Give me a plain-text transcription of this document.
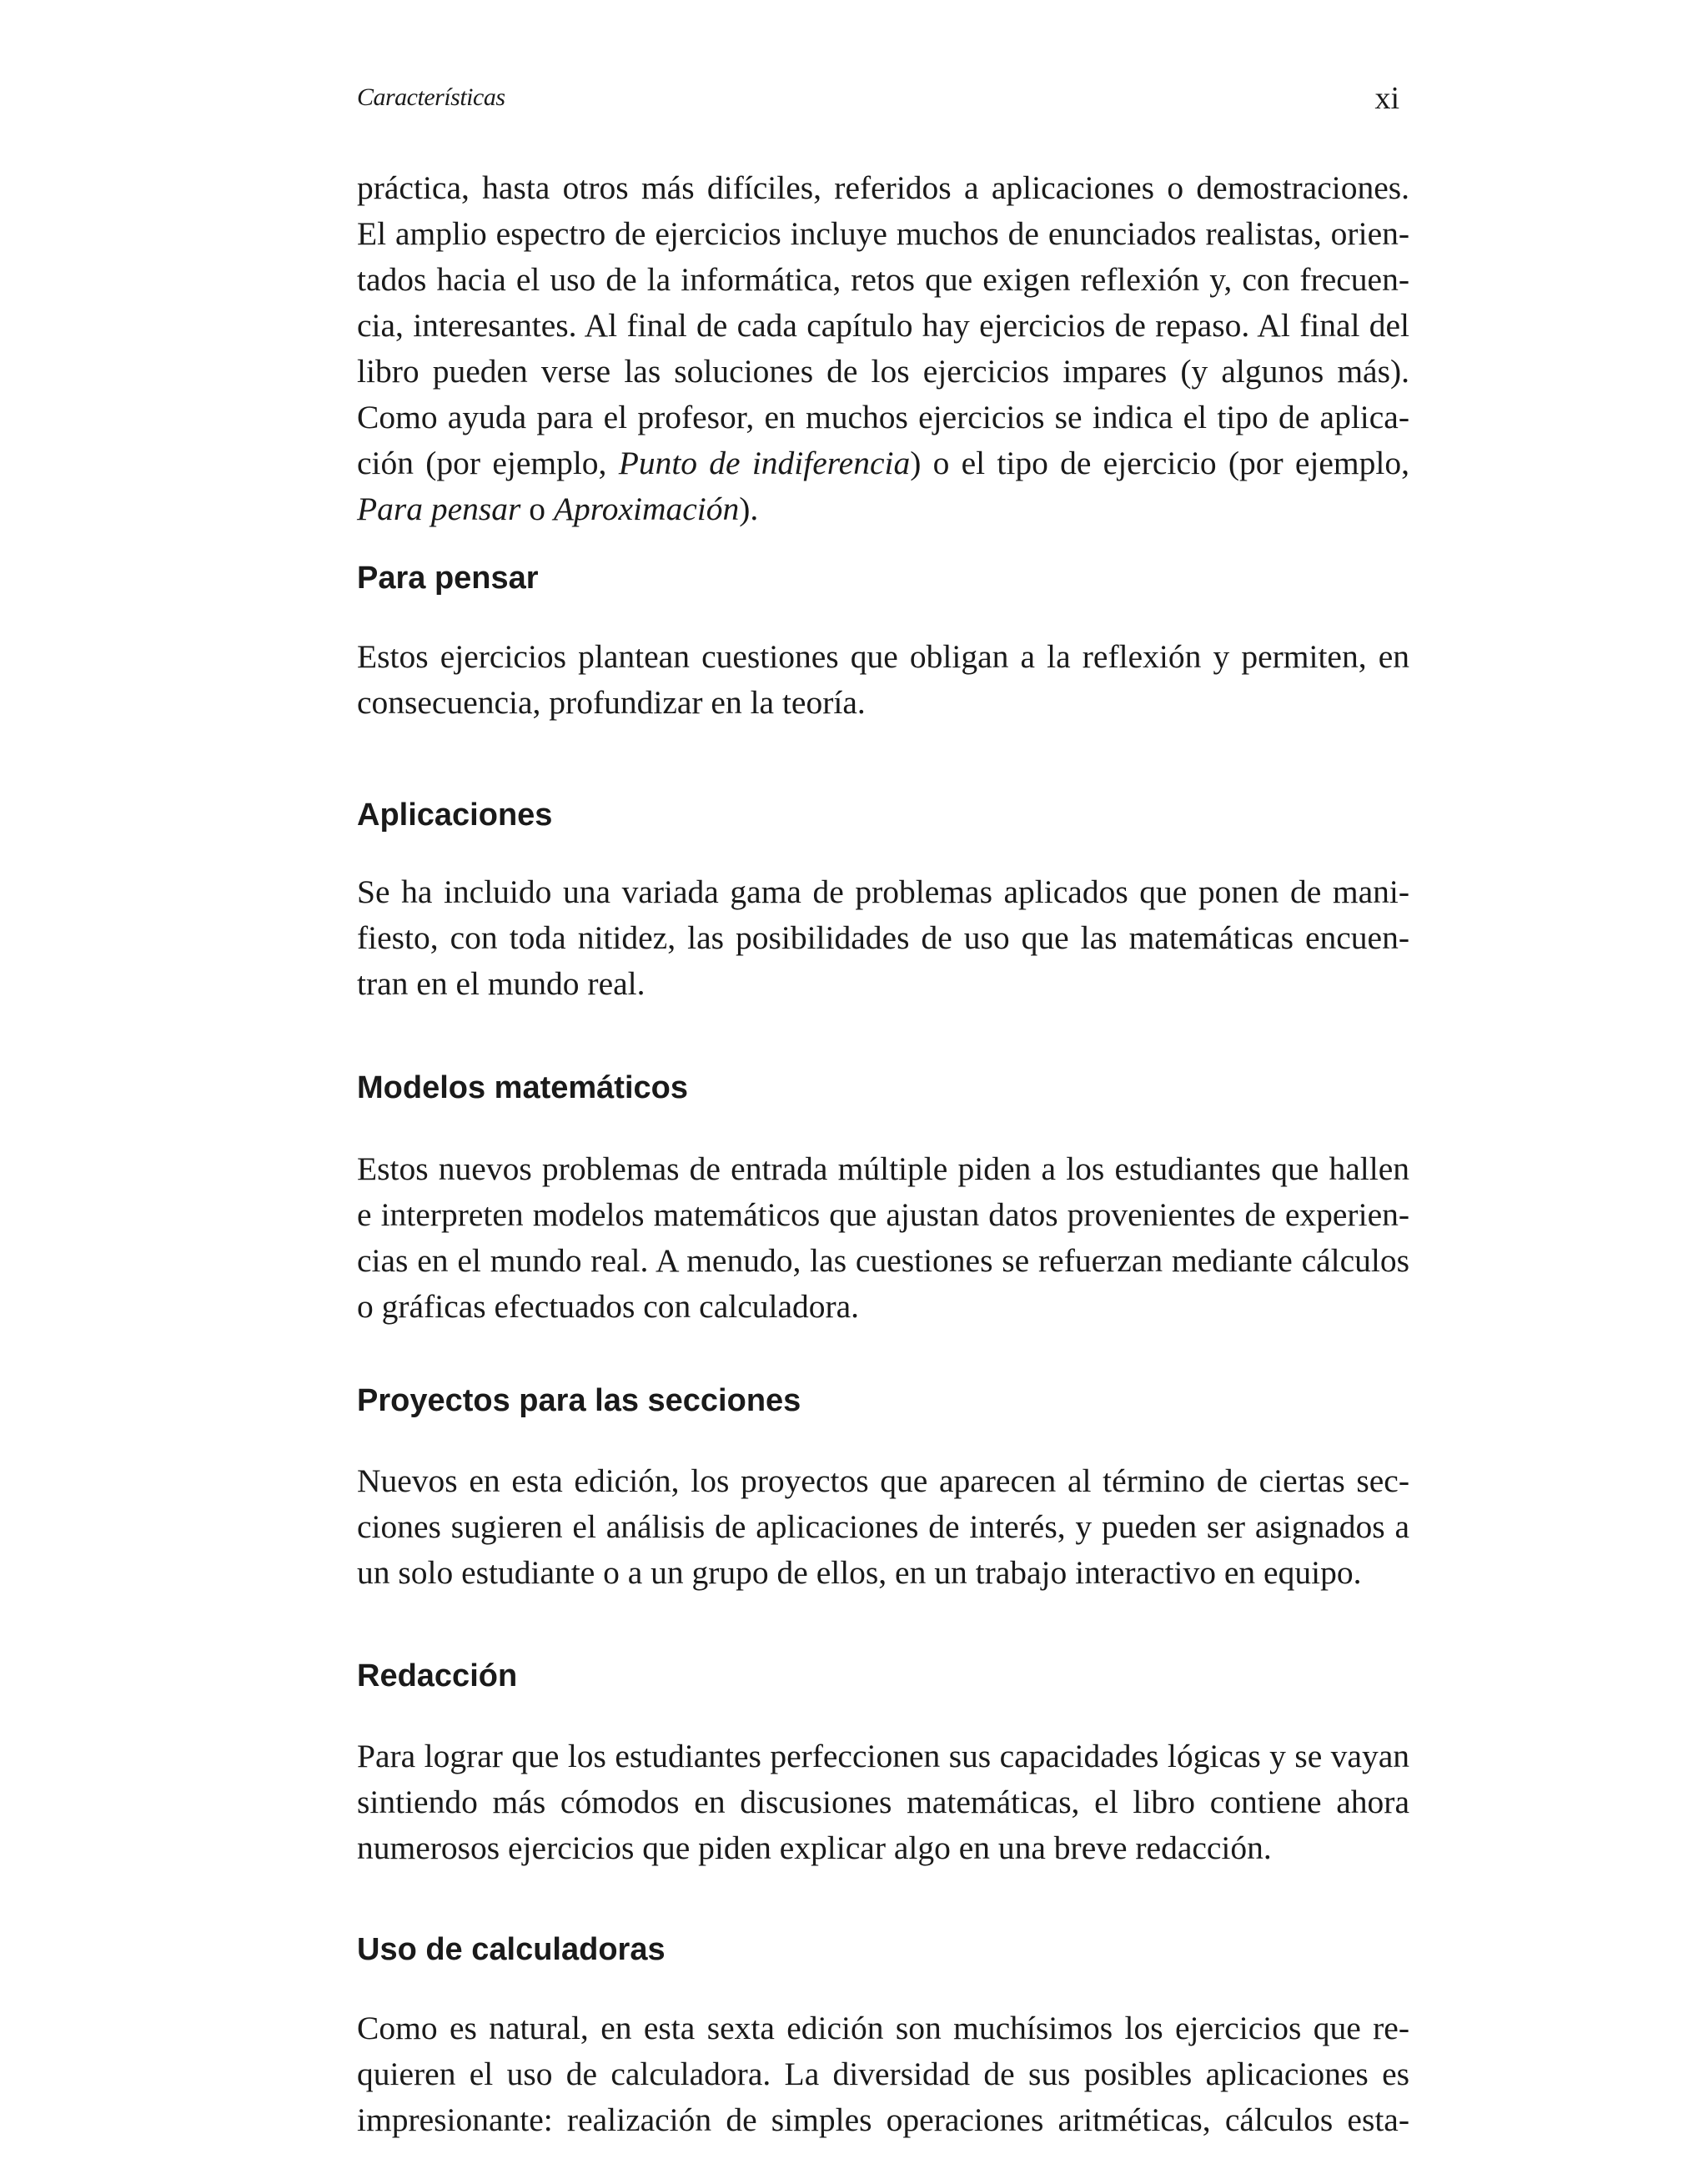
Características	xi

práctica, hasta otros más difíciles, referidos a aplicaciones o demostraciones.
El amplio espectro de ejercicios incluye muchos de enunciados realistas, orien-
tados hacia el uso de la informática, retos que exigen reflexión y, con frecuen-
cia, interesantes. Al final de cada capítulo hay ejercicios de repaso. Al final del
libro pueden verse las soluciones de los ejercicios impares (y algunos más).
Como ayuda para el profesor, en muchos ejercicios se indica el tipo de aplica-
ción (por ejemplo, Punto de indiferencia) o el tipo de ejercicio (por ejemplo,
Para pensar o Aproximación).

Para pensar

Estos ejercicios plantean cuestiones que obligan a la reflexión y permiten, en
consecuencia, profundizar en la teoría.

Aplicaciones

Se ha incluido una variada gama de problemas aplicados que ponen de mani-
fiesto, con toda nitidez, las posibilidades de uso que las matemáticas encuen-
tran en el mundo real.

Modelos matemáticos

Estos nuevos problemas de entrada múltiple piden a los estudiantes que hallen
e interpreten modelos matemáticos que ajustan datos provenientes de experien-
cias en el mundo real. A menudo, las cuestiones se refuerzan mediante cálculos
o gráficas efectuados con calculadora.

Proyectos para las secciones

Nuevos en esta edición, los proyectos que aparecen al término de ciertas sec-
ciones sugieren el análisis de aplicaciones de interés, y pueden ser asignados a
un solo estudiante o a un grupo de ellos, en un trabajo interactivo en equipo.

Redacción

Para lograr que los estudiantes perfeccionen sus capacidades lógicas y se vayan
sintiendo más cómodos en discusiones matemáticas, el libro contiene ahora
numerosos ejercicios que piden explicar algo en una breve redacción.

Uso de calculadoras

Como es natural, en esta sexta edición son muchísimos los ejercicios que re-
quieren el uso de calculadora. La diversidad de sus posibles aplicaciones es
impresionante: realización de simples operaciones aritméticas, cálculos esta-
